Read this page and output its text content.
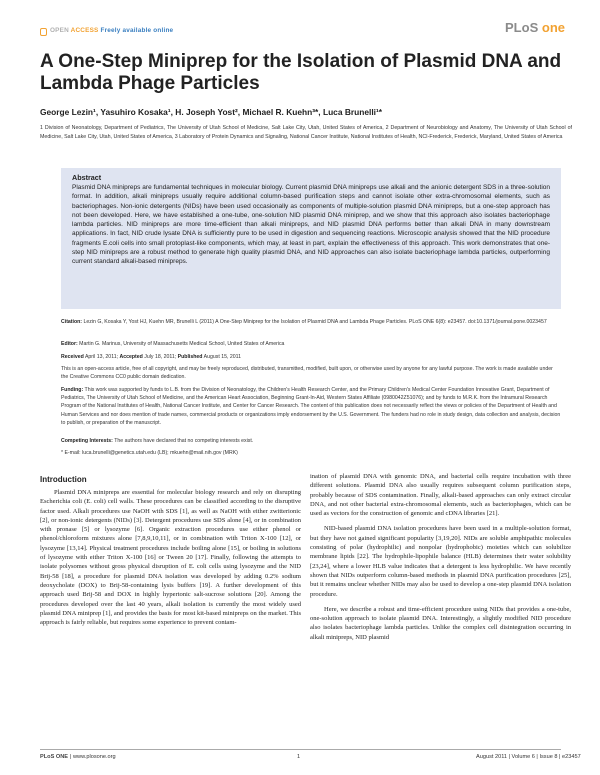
OPEN ACCESS Freely available online	PLoS one
A One-Step Miniprep for the Isolation of Plasmid DNA and Lambda Phage Particles
George Lezin¹, Yasuhiro Kosaka¹, H. Joseph Yost², Michael R. Kuehn³*, Luca Brunelli¹*
1 Division of Neonatology, Department of Pediatrics, The University of Utah School of Medicine, Salt Lake City, Utah, United States of America, 2 Department of Neurobiology and Anatomy, The University of Utah School of Medicine, Salt Lake City, Utah, United States of America, 3 Laboratory of Protein Dynamics and Signaling, National Cancer Institute, National Institutes of Health, NCI-Frederick, Frederick, Maryland, United States of America
Abstract
Plasmid DNA minipreps are fundamental techniques in molecular biology. Current plasmid DNA minipreps use alkali and the anionic detergent SDS in a three-solution format. In addition, alkali minipreps usually require additional column-based purification steps and cannot isolate other extra-chromosomal elements, such as bacteriophages. Non-ionic detergents (NIDs) have been used occasionally as components of multiple-solution plasmid DNA minipreps, but a one-step approach has not been developed. Here, we have established a one-tube, one-solution NID plasmid DNA miniprep, and we show that this approach also isolates bacteriophage lambda particles. NID minipreps are more time-efficient than alkali minipreps, and NID plasmid DNA performs better than alkali DNA in many downstream applications. In fact, NID crude lysate DNA is sufficiently pure to be used in digestion and sequencing reactions. Microscopic analysis showed that the NID procedure fragments E.coli cells into small protoplast-like components, which may, at least in part, explain the effectiveness of this approach. This work demonstrates that one-step NID minipreps are a robust method to generate high quality plasmid DNA, and NID approaches can also isolate bacteriophage lambda particles, outperforming current standard alkali-based minipreps.
Citation: Lezin G, Kosaka Y, Yost HJ, Kuehn MR, Brunelli L (2011) A One-Step Miniprep for the Isolation of Plasmid DNA and Lambda Phage Particles. PLoS ONE 6(8): e23457. doi:10.1371/journal.pone.0023457
Editor: Martin G. Marinus, University of Massachusetts Medical School, United States of America
Received April 13, 2011; Accepted July 18, 2011; Published August 15, 2011
This is an open-access article, free of all copyright, and may be freely reproduced, distributed, transmitted, modified, built upon, or otherwise used by anyone for any lawful purpose. The work is made available under the Creative Commons CC0 public domain dedication.
Funding: This work was supported by funds to L.B. from the Division of Neonatology, the Children's Health Research Center, and the Primary Children's Medical Center Foundation Innovative Grant, Department of Pediatrics, The University of Utah School of Medicine, and the American Heart Association, Beginning Grant-In-Aid, Western States Affiliate (0980042Z51076); and by funds to M.R.K. from the Intramural Research Program of the National Institutes of Health, National Cancer Institute, and Center for Cancer Research. The content of this publication does not necessarily reflect the views or policies of the Department of Health and Human Services and nor does mention of trade names, commercial products or organizations imply endorsement by the U.S. Government. The funders had no role in study design, data collection and analysis, decision to publish, or preparation of the manuscript.
Competing Interests: The authors have declared that no competing interests exist.
* E-mail: luca.brunelli@genetics.utah.edu (LB); mkuehn@mail.nih.gov (MRK)
Introduction

Plasmid DNA minipreps are essential for molecular biology research and rely on disrupting Escherichia coli (E. coli) cell walls. These procedures can be classified according to the disruptive factor used. Alkali procedures use NaOH with SDS [1], as well as NaOH with either zwitterionic [2], or non-ionic detergents (NIDs) [3]. Detergent procedures use SDS alone [4], or in combination with pronase [5] or lysozyme [6]. Organic extraction procedures use either phenol or phenol/chloroform mixtures alone [7,8,9,10,11], or in combination with Triton X-100 [12], or lysozyme [13,14]. Physical treatment procedures include boiling alone [15], or boiling in solutions of lysozyme with either Triton X-100 [16] or Tween 20 [17]. Finally, following the attempts to isolate polysomes without gross physical disruption of E. coli cells using lysozyme and the NID Brij-58 [18], a procedure for plasmid DNA isolation was developed by adding 0.2% sodium deoxycholate (DOX) to Brij-58-containing lysis buffers [19]. A further development of this approach used Brij-58 and DOX in highly hypertonic salt-sucrose solutions [20]. Among the procedures developed over the last 40 years, alkali isolation is currently the most widely used plasmid DNA miniprep [1], and provides the basis for most kit-based minipreps on the market. This approach is fairly reliable, but requires some experience to prevent contam-

ination of plasmid DNA with genomic DNA, and bacterial cells require incubation with three different solutions. Plasmid DNA also usually requires subsequent column purification steps, probably because of SDS contamination. Finally, alkali-based approaches can only extract circular DNA, and not other bacterial extra-chromosomal elements, such as bacteriophages, which can be used as vectors for the construction of genomic and cDNA libraries [21].

NID-based plasmid DNA isolation procedures have been used in a multiple-solution format, but they have not gained significant popularity [3,19,20]. NIDs are soluble amphipathic molecules consisting of polar (hydrophilic) and nonpolar (hydrophobic) moieties which can solubilize membrane lipids [22]. The hydrophile-lipophile balance (HLB) determines their water solubility [23,24], where a lower HLB value indicates that a detergent is less hydrophilic. We have recently shown that NIDs outperform column-based methods in plasmid DNA purification procedures [25], but it remains unclear whether NIDs may also be used to develop a one-step plasmid DNA isolation procedure.

Here, we describe a robust and time-efficient procedure using NIDs that provides a one-tube, one-solution approach to isolate plasmid DNA. Interestingly, a slightly modified NID procedure also isolates bacteriophage lambda particles. Unlike the complex cell disintegration occurring in alkali minipreps, NID plasmid

PLoS ONE | www.plosone.org	1	August 2011 | Volume 6 | Issue 8 | e23457
